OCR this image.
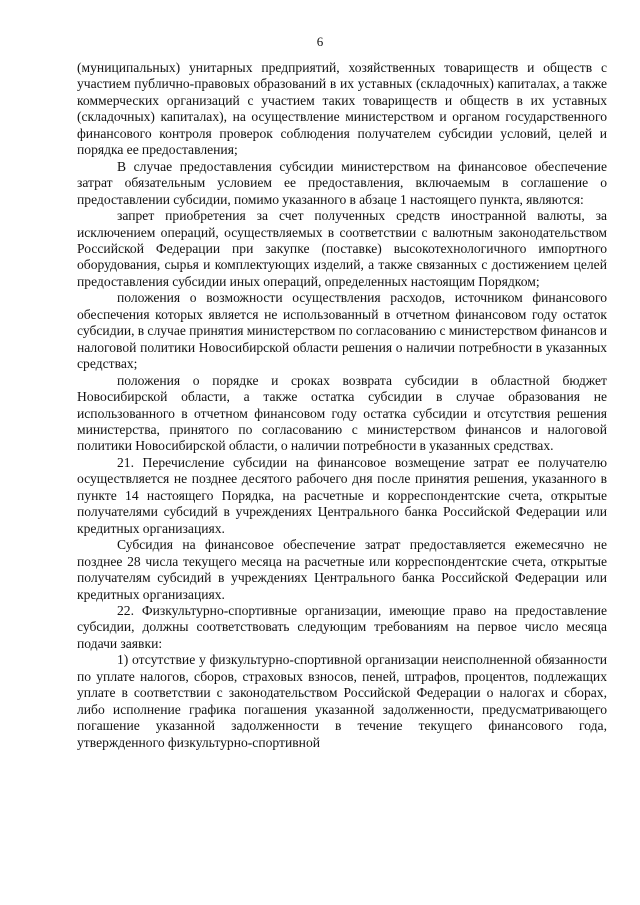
6

(муниципальных) унитарных предприятий, хозяйственных товариществ и обществ с участием публично-правовых образований в их уставных (складочных) капиталах, а также коммерческих организаций с участием таких товариществ и обществ в их уставных (складочных) капиталах), на осуществление министерством и органом государственного финансового контроля проверок соблюдения получателем субсидии условий, целей и порядка ее предоставления;

В случае предоставления субсидии министерством на финансовое обеспечение затрат обязательным условием ее предоставления, включаемым в соглашение о предоставлении субсидии, помимо указанного в абзаце 1 настоящего пункта, являются:

запрет приобретения за счет полученных средств иностранной валюты, за исключением операций, осуществляемых в соответствии с валютным законодательством Российской Федерации при закупке (поставке) высокотехнологичного импортного оборудования, сырья и комплектующих изделий, а также связанных с достижением целей предоставления субсидии иных операций, определенных настоящим Порядком;

положения о возможности осуществления расходов, источником финансового обеспечения которых является не использованный в отчетном финансовом году остаток субсидии, в случае принятия министерством по согласованию с министерством финансов и налоговой политики Новосибирской области решения о наличии потребности в указанных средствах;

положения о порядке и сроках возврата субсидии в областной бюджет Новосибирской области, а также остатка субсидии в случае образования не использованного в отчетном финансовом году остатка субсидии и отсутствия решения министерства, принятого по согласованию с министерством финансов и налоговой политики Новосибирской области, о наличии потребности в указанных средствах.

21. Перечисление субсидии на финансовое возмещение затрат ее получателю осуществляется не позднее десятого рабочего дня после принятия решения, указанного в пункте 14 настоящего Порядка, на расчетные и корреспондентские счета, открытые получателями субсидий в учреждениях Центрального банка Российской Федерации или кредитных организациях.

Субсидия на финансовое обеспечение затрат предоставляется ежемесячно не позднее 28 числа текущего месяца на расчетные или корреспондентские счета, открытые получателям субсидий в учреждениях Центрального банка Российской Федерации или кредитных организациях.

22. Физкультурно-спортивные организации, имеющие право на предоставление субсидии, должны соответствовать следующим требованиям на первое число месяца подачи заявки:

1) отсутствие у физкультурно-спортивной организации неисполненной обязанности по уплате налогов, сборов, страховых взносов, пеней, штрафов, процентов, подлежащих уплате в соответствии с законодательством Российской Федерации о налогах и сборах, либо исполнение графика погашения указанной задолженности, предусматривающего погашение указанной задолженности в течение текущего финансового года, утвержденного физкультурно-спортивной
